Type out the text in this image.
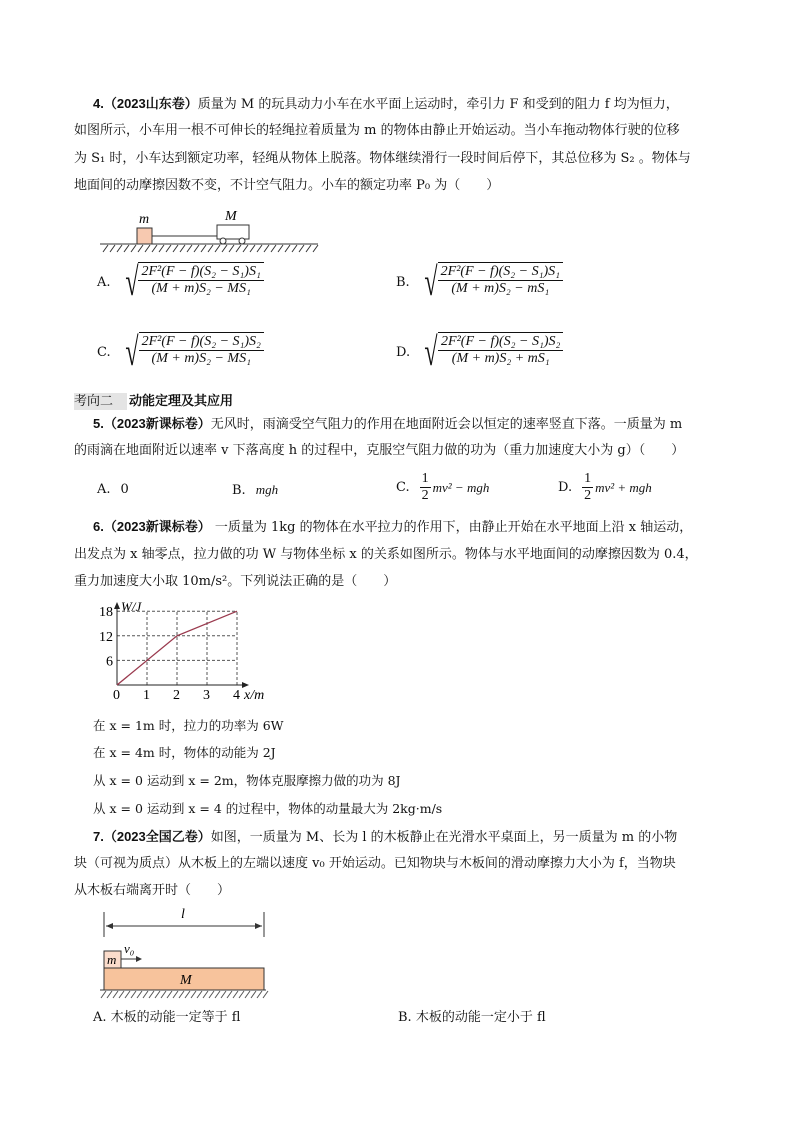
4.（2023山东卷）质量为 M 的玩具动力小车在水平面上运动时，牵引力 F 和受到的阻力 f 均为恒力，
如图所示，小车用一根不可伸长的轻绳拉着质量为 m 的物体由静止开始运动。当小车拖动物体行驶的位移
为 S₁ 时，小车达到额定功率，轻绳从物体上脱落。物体继续滑行一段时间后停下，其总位移为 S₂ 。物体与
地面间的动摩擦因数不变，不计空气阻力。小车的额定功率 P₀ 为（　　）
m	M
A. √ $\frac{\text{2F²(F − f)(S₂ − S₁)S₁}}{\text{(M + m)S₂ − MS₁}}$	B. √ $\frac{\text{2F²(F − f)(S₂ − S₁)S₁}}{\text{(M + m)S₂ − mS₁}}$
C. √ $\frac{\text{2F²(F − f)(S₂ − S₁)S₂}}{\text{(M + m)S₂ − MS₁}}$	D. √ $\frac{\text{2F²(F − f)(S₂ − S₁)S₂}}{\text{(M + m)S₂ + mS₁}}$
考向二 动能定理及其应用
5.（2023新课标卷）无风时，雨滴受空气阻力的作用在地面附近会以恒定的速率竖直下落。一质量为 m
的雨滴在地面附近以速率 v 下落高度 h 的过程中，克服空气阻力做的功为（重力加速度大小为 g）（　　）
A. 0	B. mgh	C. $\frac{1}{2} mv^2$ − mgh	D. $\frac{1}{2} mv^2$ + mgh
6.（2023新课标卷） 一质量为 1kg 的物体在水平拉力的作用下，由静止开始在水平地面上沿 x 轴运动，
出发点为 x 轴零点，拉力做的功 W 与物体坐标 x 的关系如图所示。物体与水平地面间的动摩擦因数为 0.4，
重力加速度大小取 10m/s²。下列说法正确的是（　　）
0 1 2 3 4
6
12
18
x/m
W/J
在 x = 1m 时，拉力的功率为 6W
在 x = 4m 时，物体的动能为 2J
从 x = 0 运动到 x = 2m，物体克服摩擦力做的功为 8J
从 x = 0 运动到 x = 4 的过程中，物体的动量最大为 2kg·m/s
7.（2023全国乙卷）如图，一质量为 M、长为 l 的木板静止在光滑水平桌面上，另一质量为 m 的小物
块（可视为质点）从木板上的左端以速度 v₀ 开始运动。已知物块与木板间的滑动摩擦力大小为 f，当物块
从木板右端离开时（　　）
l
m
v₀
M
A. 木板的动能一定等于 fl	B. 木板的动能一定小于 fl
